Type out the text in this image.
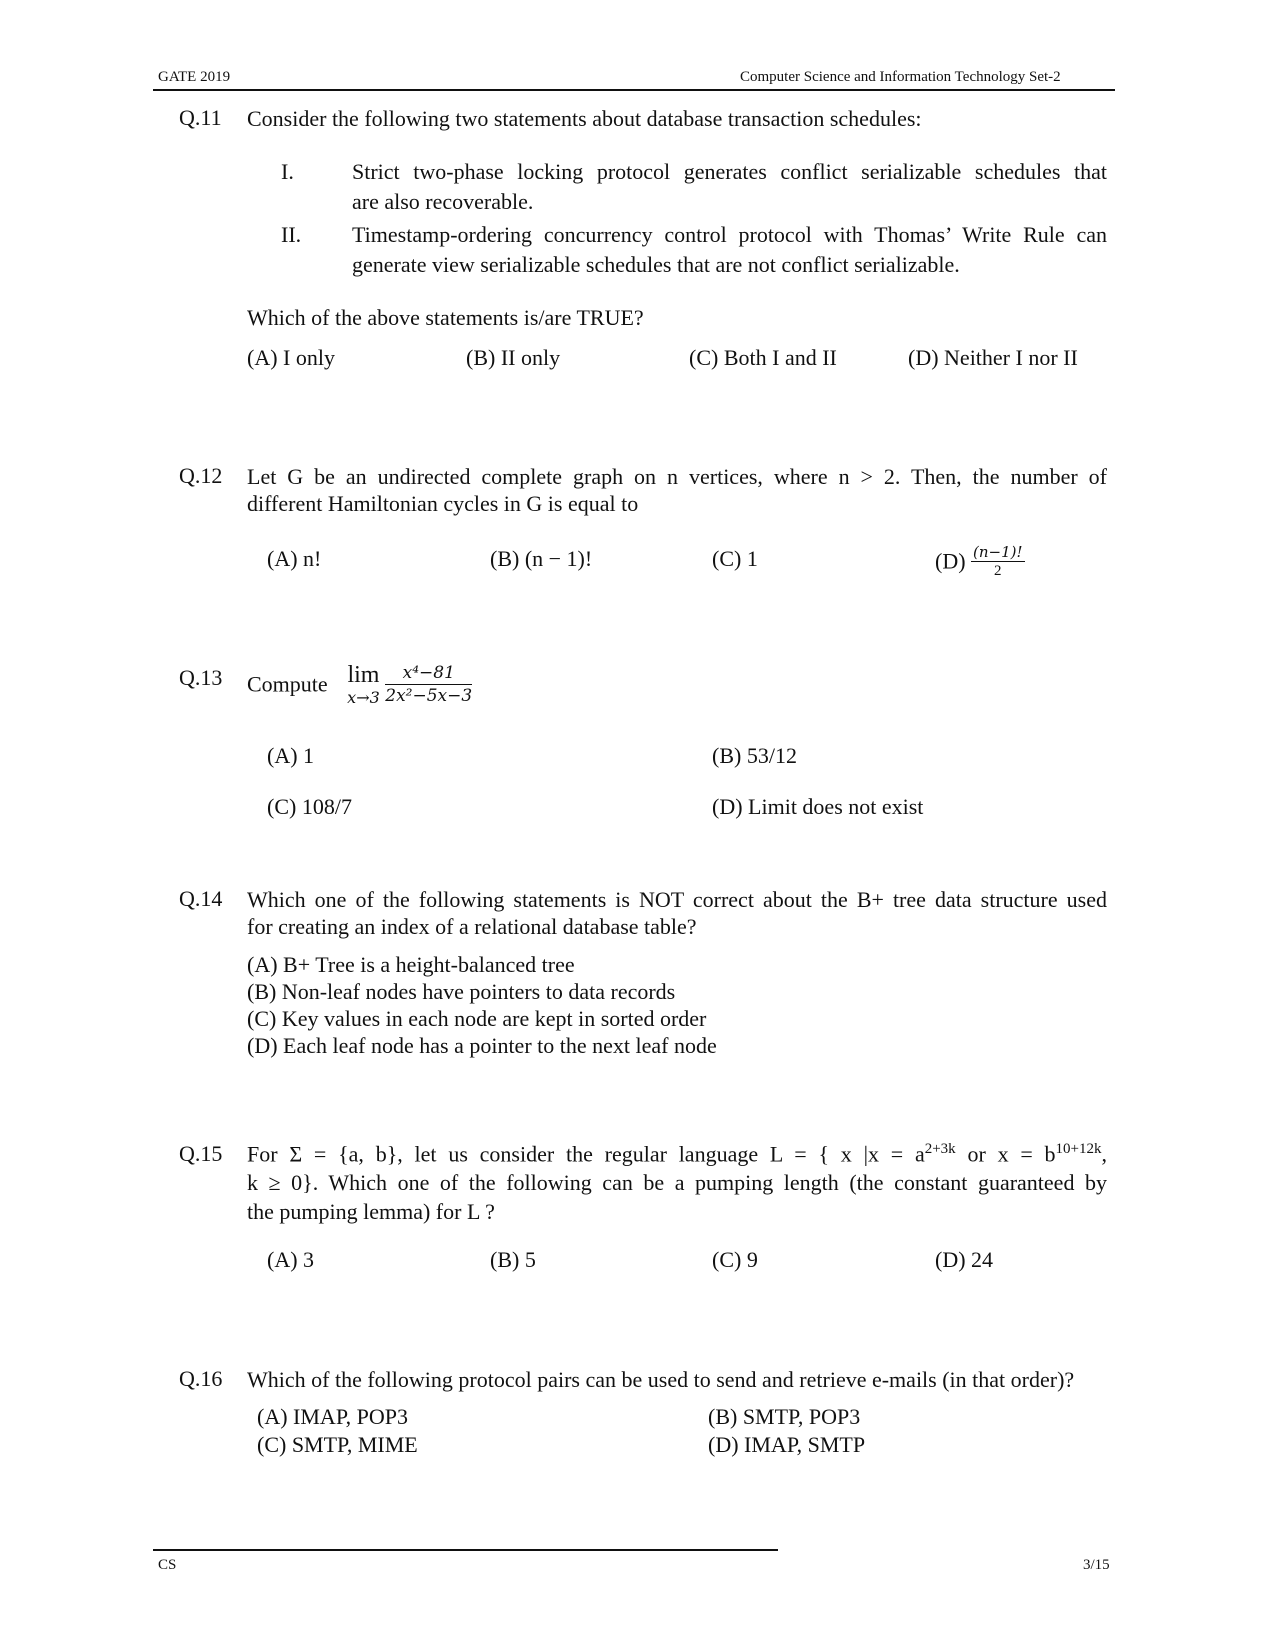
GATE 2019	Computer Science and Information Technology Set-2
Q.11 Consider the following two statements about database transaction schedules:
I.	Strict two-phase locking protocol generates conflict serializable schedules that
are also recoverable.
II. Timestamp-ordering concurrency control protocol with Thomas’ Write Rule can
generate view serializable schedules that are not conflict serializable.
Which of the above statements is/are TRUE?
(A) I only	(B) II only	(C) Both I and II	(D) Neither I nor II
Q.12 Let G be an undirected complete graph on n vertices, where n > 2. Then, the number of
different Hamiltonian cycles in G is equal to
(A) n!	(B) (n − 1)!	(C) 1	$(D) \frac{(n-1)!}{2}$
Q.13 Compute lim
x→3
$\frac{\text{x⁴−81}}{\text{2x²−5x−3}}$
(A) 1	(B) 53/12
(C) 108/7	(D) Limit does not exist
Q.14 Which one of the following statements is NOT correct about the B+ tree data structure used
for creating an index of a relational database table?
(A) B+ Tree is a height-balanced tree
(B) Non-leaf nodes have pointers to data records
(C) Key values in each node are kept in sorted order
(D) Each leaf node has a pointer to the next leaf node
Q.15 For Σ = {a, b}, let us consider the regular language L = { x $|x = a^{2+3k}$ or $x = b^{10+12k}$,
k ≥ 0}. Which one of the following can be a pumping length (the constant guaranteed by
the pumping lemma) for L ?
(A) 3	(B) 5	(C) 9	(D) 24
Q.16 Which of the following protocol pairs can be used to send and retrieve e-mails (in that order)?
(A) IMAP, POP3	(B) SMTP, POP3
(C) SMTP, MIME	(D) IMAP, SMTP
CS	3/15
